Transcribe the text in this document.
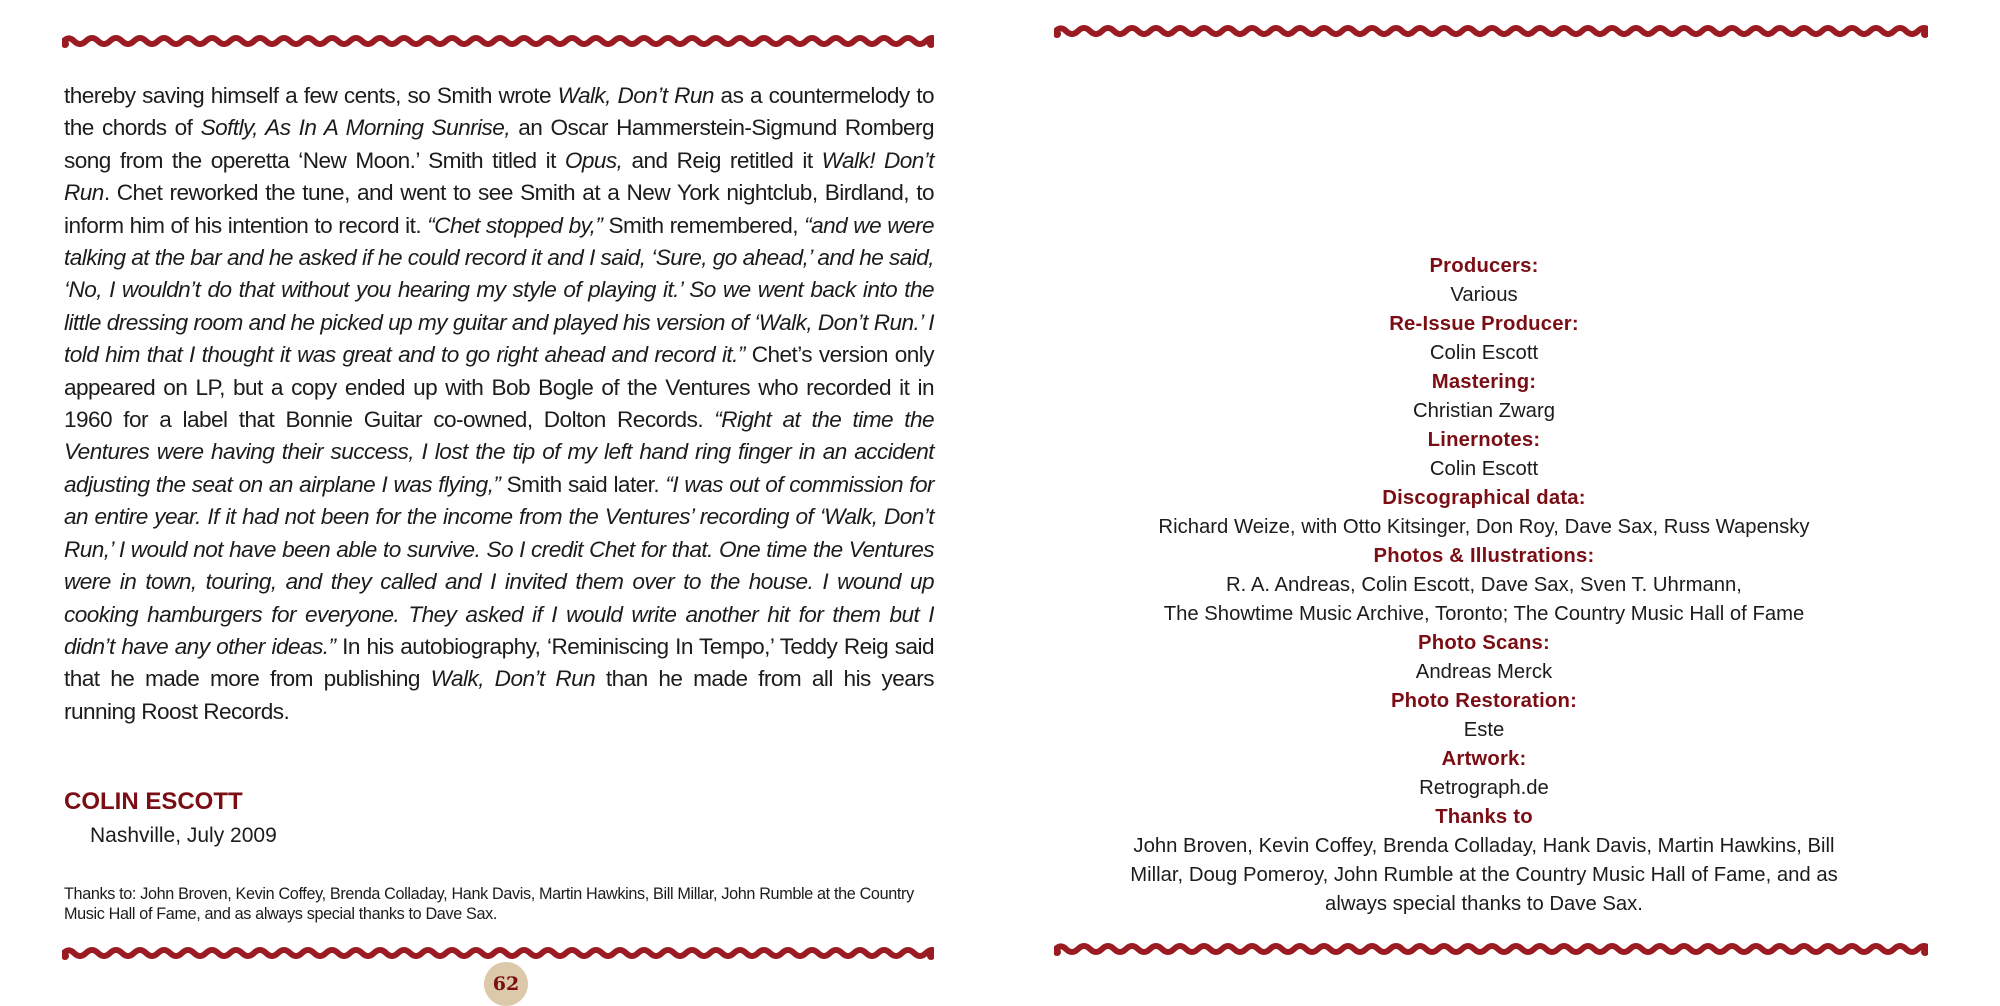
thereby saving himself a few cents, so Smith wrote Walk, Don’t Run as a countermelody to the chords of Softly, As In A Morning Sunrise, an Oscar Hammerstein-Sigmund Romberg song from the operetta ‘New Moon.’ Smith titled it Opus, and Reig retitled it Walk! Don’t Run. Chet reworked the tune, and went to see Smith at a New York nightclub, Birdland, to inform him of his intention to record it. “Chet stopped by,” Smith remembered, “and we were talking at the bar and he asked if he could record it and I said, ‘Sure, go ahead,’ and he said, ‘No, I wouldn’t do that without you hearing my style of playing it.’ So we went back into the little dressing room and he picked up my guitar and played his version of ‘Walk, Don’t Run.’ I told him that I thought it was great and to go right ahead and record it.” Chet’s version only appeared on LP, but a copy ended up with Bob Bogle of the Ventures who recorded it in 1960 for a label that Bonnie Guitar co-owned, Dolton Records. “Right at the time the Ventures were having their success, I lost the tip of my left hand ring finger in an accident adjusting the seat on an airplane I was flying,” Smith said later. “I was out of commission for an entire year. If it had not been for the income from the Ventures’ recording of ‘Walk, Don’t Run,’ I would not have been able to survive. So I credit Chet for that. One time the Ventures were in town, touring, and they called and I invited them over to the house. I wound up cooking hamburgers for everyone. They asked if I would write another hit for them but I didn’t have any other ideas.” In his autobiography, ‘Reminiscing In Tempo,’ Teddy Reig said that he made more from publishing Walk, Don’t Run than he made from all his years running Roost Records.
COLIN ESCOTT
Nashville, July 2009
Thanks to: John Broven, Kevin Coffey, Brenda Colladay, Hank Davis, Martin Hawkins, Bill Millar, John Rumble at the Country Music Hall of Fame, and as always special thanks to Dave Sax.
62
Producers:
Various
Re-Issue Producer:
Colin Escott
Mastering:
Christian Zwarg
Linernotes:
Colin Escott
Discographical data:
Richard Weize, with Otto Kitsinger, Don Roy, Dave Sax, Russ Wapensky
Photos & Illustrations:
R. A. Andreas, Colin Escott, Dave Sax, Sven T. Uhrmann,
The Showtime Music Archive, Toronto; The Country Music Hall of Fame
Photo Scans:
Andreas Merck
Photo Restoration:
Este
Artwork:
Retrograph.de
Thanks to
John Broven, Kevin Coffey, Brenda Colladay, Hank Davis, Martin Hawkins, Bill
Millar, Doug Pomeroy, John Rumble at the Country Music Hall of Fame, and as
always special thanks to Dave Sax.
